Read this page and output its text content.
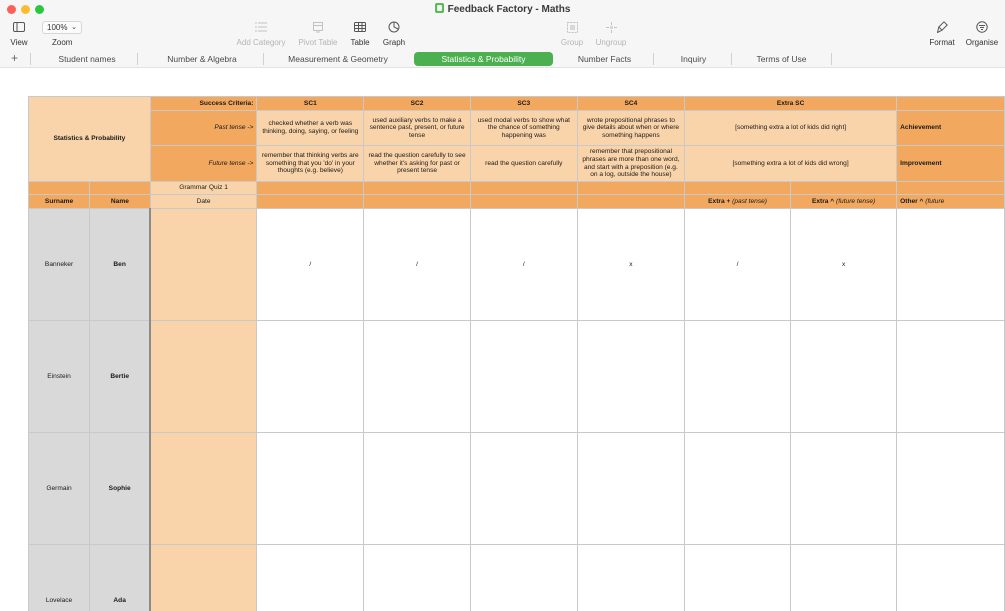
Feedback Factory - Maths
View
100% ⌄
Zoom	Add Category	Pivot Table	Table	Graph	Group	Ungroup	Format	Organise
+	Student names	Number & Algebra	Measurement & Geometry	Statistics & Probability	Number Facts	Inquiry	Terms of Use
Statistics & Probability		Success Criteria:	SC1	SC2	SC3	SC4	Extra SC		
		Past tense ->	checked whether a verb was thinking, doing, saying, or feeling	used auxiliary verbs to make a sentence past, present, or future tense	used modal verbs to show what the chance of something happening was	wrote prepositional phrases to give details about when or where something happens	[something extra a lot of kids did right]		Achievement
		Future tense ->	remember that thinking verbs are something that you 'do' in your thoughts (e.g. believe)	read the question carefully to see whether it's asking for past or present tense	read the question carefully	remember that prepositional phrases are more than one word, and start with a preposition (e.g. on a log, outside the house)	[something extra a lot of kids did wrong]		Improvement
		Grammar Quiz 1							
Surname	Name	Date					Extra + (past tense)	Extra ^ (future tense)	Other ^ (future
Banneker	Ben		/	/	/	x	/	x	
Einstein	Bertie								
Germain	Sophie								
Lovelace	Ada								
